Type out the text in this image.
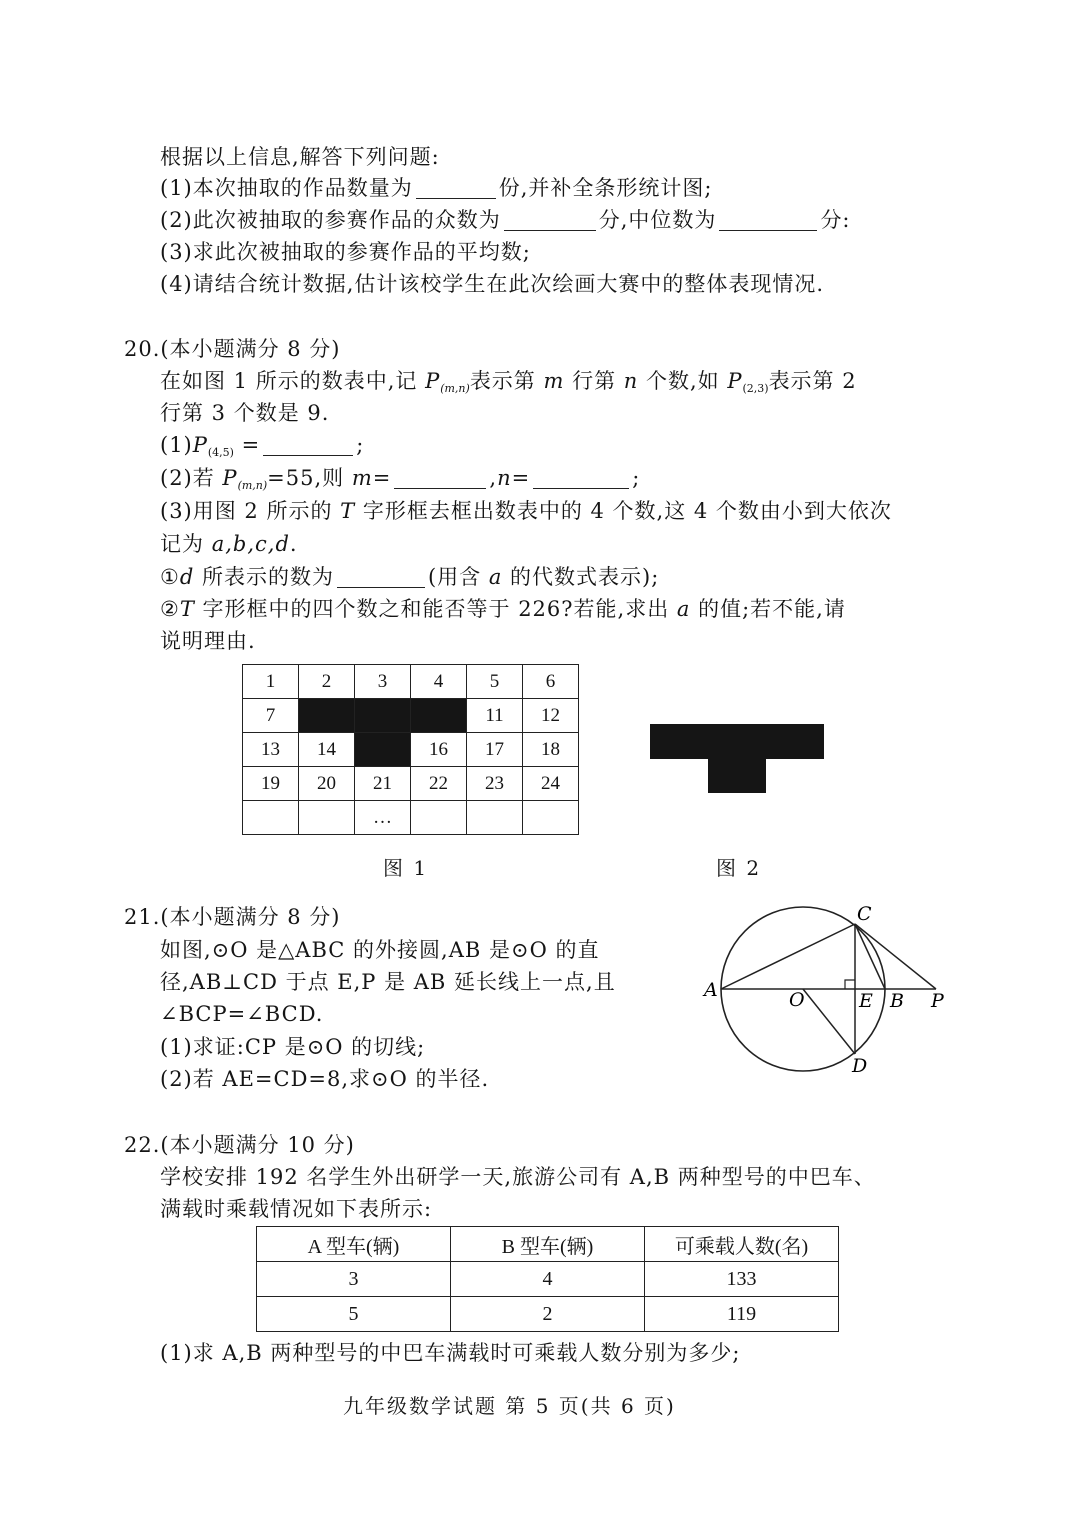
根据以上信息,解答下列问题:
(1)本次抽取的作品数量为	份,并补全条形统计图;
(2)此次被抽取的参赛作品的众数为	分,中位数为	分:
(3)求此次被抽取的参赛作品的平均数;
(4)请结合统计数据,估计该校学生在此次绘画大赛中的整体表现情况.
20.(本小题满分 8 分)
在如图 1 所示的数表中,记 $P_{(m,n)}$表示第 m 行第 n 个数,如 $P_{(2,3)}$表示第 2
行第 3 个数是 9.
$(1)P_{(4,5)}$ =	;
(2)若 $P_{(m,n)}=55$,则 m=	,n=	;
(3)用图 2 所示的 T 字形框去框出数表中的 4 个数,这 4 个数由小到大依次
记为 a,b,c,d.
①d 所表示的数为	(用含 a 的代数式表示);
②T 字形框中的四个数之和能否等于 226?若能,求出 a 的值;若不能,请
说明理由.
1	2	3	4	5	6
7				11	12
13	14		16	17	18
19	20	21	22	23	24
		…			
图 1	图 2
21.(本小题满分 8 分)
如图,⊙O 是△ABC 的外接圆,AB 是⊙O 的直
径,AB⊥CD 于点 E,P 是 AB 延长线上一点,且
∠BCP=∠BCD.
(1)求证:CP 是⊙O 的切线;
(2)若 AE=CD=8,求⊙O 的半径.
C
A	O	E B P
D
22.(本小题满分 10 分)
学校安排 192 名学生外出研学一天,旅游公司有 A,B 两种型号的中巴车、
满载时乘载情况如下表所示:
A 型车(辆)	B 型车(辆)	可乘载人数(名)
3	4	133
5	2	119
(1)求 A,B 两种型号的中巴车满载时可乘载人数分别为多少;
九年级数学试题 第 5 页(共 6 页)
